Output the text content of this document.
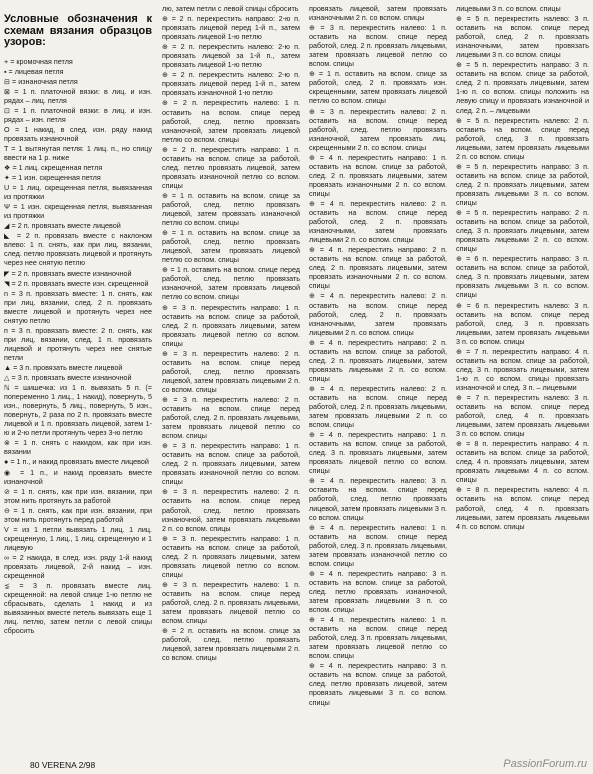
Условные обозначения к схемам вязания образцов узоров:
+ = кромочная петля
▪ = лицевая петля
⊟ = изнаночная петля
⊠ = 1 п. платочной вязки: в лиц. и изн. рядах – лиц. петля
⊡ = 1 п. платочной вязки: в лиц. и изн. рядах – изн. петля
O = 1 накид, в след. изн. ряду накид провязать изнаночной
T = 1 вытянутая петля: 1 лиц. п., но спицу ввести на 1 р. ниже
❖ = 1 лиц. скрещенная петля
✦ = 1 изн. скрещенная петля
U = 1 лиц. скрещенная петля, вывязанная из протяжки
Ψ = 1 изн. скрещенная петля, вывязанная из протяжки
◢ = 2 п. провязать вместе лицевой
◣ = 2 п. провязать вместе с наклоном влево: 1 п. снять, как при лиц. вязании, след. петлю провязать лицевой и протянуть через нее снятую петлю
◤ = 2 п. провязать вместе изнаночной
◥ = 2 п. провязать вместе изн. скрещенной
n = 3 п. провязать вместе: 1 п. снять, как при лиц. вязании, след. 2 п. провязать вместе лицевой и протянуть через нее снятую петлю
ᴨ = 3 п. провязать вместе: 2 п. снять, как при лиц. вязании, след. 1 п. провязать лицевой и протянуть через нее снятые петли
▲ = 3 п. провязать вместе лицевой
△ = 3 п. провязать вместе изнаночной
ℕ = шишечка: из 1 п. вывязать 5 п. (= попеременно 1 лиц., 1 накид), повернуть, 5 изн., повернуть, 5 лиц., повернуть, 5 изн., повернуть, 2 раза по 2 п. провязать вместе лицевой и 1 п. провязать лицевой, затем 1-ю и 2-ю петли протянуть через 3-ю петлю
⊗ = 1 п. снять с накидом, как при изн. вязании
● = 1 п., и накид провязать вместе лицевой
◉ = 1 п., и накид провязать вместе изнаночной
⊘ = 1 п. снять, как при изн. вязании, при этом нить протянуть за работой
⊖ = 1 п. снять, как при изн. вязании, при этом нить протянуть перед работой
V = из 1 петли вывязать 1 лиц. 1 лиц. скрещенную, 1 лиц., 1 лиц. скрещенную и 1 лицевую
∞ = 2 накида, в след. изн. ряду 1-й накид провязать лицевой, 2-й накид – изн. скрещенной
⋨ = 3 п. провязать вместе лиц. скрещенной: на левой спице 1-ю петлю не сбрасывать, сделать 1 накид и из вывязанных вместе петель вывязать еще 1 лиц. петлю, затем петли с левой спицы сбросить
лю, затем петли с левой спицы сбросить
⊕ = 2 п. перекрестить направо: 2-ю п. провязать лицевой перед 1-й п., затем провязать лицевой 1-ю петлю
⊕ = 2 п. перекрестить налево: 2-ю п. провязать лицевой за 1-й п., затем провязать лицевой 1-ю петлю
⊕ = 2 п. перекрестить налево: 2-ю п. провязать лицевой перед 1-й п., затем провязать изнаночной 1-ю петлю
⊕ = 2 п. перекрестить налево: 1 п. оставить на вспом. спице перед работой, след. петлю провязать изнаночной, затем провязать лицевой петлю со вспом. спицы
⊕ = 2 п. перекрестить направо: 1 п. оставить на вспом. спице за работой, след. петлю провязать лицевой, затем провязать изнаночной петлю со вспом. спицы
⊕ = 1 п. оставить на вспом. спице за работой, след. петлю провязать лицевой, затем провязать изнаночной петлю со вспом. спицы
⊕ = 1 п. оставить на вспом. спице за работой, след. петлю провязать лицевой, затем провязать лицевой петлю со вспом. спицы
⊕ = 1 п. оставить на вспом. спице перед работой, след. петлю провязать изнаночной, затем провязать лицевой петлю со вспом. спицы
⊕ = 3 п. перекрестить направо: 1 п. оставить на вспом. спице за работой, след. 2 п. провязать лицевыми, затем провязать лицевой петлю со вспом. спицы
⊕ = 3 п. перекрестить налево: 2 п. оставить на вспом. спице перед работой, след. петлю провязать лицевой, затем провязать лицевыми 2 п. со вспом. спицы
⊕ = 3 п. перекрестить налево: 2 п. оставить на вспом. спице перед работой, след. 2 п. провязать лицевыми, затем провязать лицевой петлю со вспом. спицы
⊕ = 3 п. перекрестить направо: 1 п. оставить на вспом. спице за работой, след. 2 п. провязать лицевыми, затем провязать изнаночной петлю со вспом. спицы
⊕ = 3 п. перекрестить налево: 2 п. оставить на вспом. спице перед работой, след. петлю провязать изнаночной, затем провязать лицевыми 2 п. со вспом. спицы
⊕ = 3 п. перекрестить направо: 1 п. оставить на вспом. спице за работой, след. 2 п. провязать лицевыми, затем провязать лицевой петлю со вспом. спицы
⊕ = 3 п. перекрестить налево: 1 п. оставить на вспом. спице перед работой, след. 2 п. провязать лицевыми, затем провязать лицевой петлю со вспом. спицы
⊕ = 2 п. оставить на вспом. спице за работой, след. петлю провязать лицевой, затем провязать лицевыми 2 п. со вспом. спицы
провязать лицевой, затем провязать изнаночными 2 п. со вспом. спицы
⊕ = 3 п. перекрестить налево: 1 п. оставить на вспом. спице перед работой, след. 2 п. провязать лицевыми, затем провязать лицевой петлю со вспом. спицы
⊕ = 1 п. оставить на вспом. спице за работой, след. 2 п. провязать изн. скрещенными, затем провязать лицевой петлю со вспом. спицы
⊕ = 3 п. перекрестить налево: 2 п. оставить на вспом. спице перед работой, след. петлю провязать изнаночной, затем провязать лиц. скрещенными 2 п. со вспом. спицы
⊕ = 4 п. перекрестить направо: 1 п. оставить на вспом. спице за работой, след. 2 п. провязать лицевыми, затем провязать изнаночными 2 п. со вспом. спицы
⊕ = 4 п. перекрестить налево: 2 п. оставить на вспом. спице перед работой, след. 2 п. провязать изнаночными, затем провязать лицевыми 2 п. со вспом. спицы
⊕ = 4 п. перекрестить направо: 2 п. оставить на вспом. спице за работой, след. 2 п. провязать лицевыми, затем провязать изнаночными 2 п. со вспом. спицы
⊕ = 4 п. перекрестить налево: 2 п. оставить на вспом. спице перед работой, след. 2 п. провязать изнаночными, затем провязать лицевыми 2 п. со вспом. спицы
⊕ = 4 п. перекрестить направо: 2 п. оставить на вспом. спице за работой, след. 2 п. провязать лицевыми, затем провязать лицевыми 2 п. со вспом. спицы
⊕ = 4 п. перекрестить налево: 2 п. оставить на вспом. спице перед работой, след. 2 п. провязать лицевыми, затем провязать лицевыми 2 п. со вспом. спицы
⊕ = 4 п. перекрестить направо: 1 п. оставить на вспом. спице за работой, след. 3 п. провязать лицевыми, затем провязать лицевой петлю со вспом. спицы
⊕ = 4 п. перекрестить налево: 3 п. оставить на вспом. спице перед работой, след. петлю провязать лицевой, затем провязать лицевыми 3 п. со вспом. спицы
⊕ = 4 п. перекрестить налево: 1 п. оставить на вспом. спице перед работой, след. 3 п. провязать лицевыми, затем провязать изнаночной петлю со вспом. спицы
⊕ = 4 п. перекрестить направо: 3 п. оставить на вспом. спице за работой, след. петлю провязать изнаночной, затем провязать лицевыми 3 п. со вспом. спицы
⊕ = 4 п. перекрестить налево: 1 п. оставить на вспом. спице перед работой, след. 3 п. провязать лицевыми, затем провязать лицевой петлю со вспом. спицы
⊕ = 4 п. перекрестить направо: 3 п. оставить на вспом. спице за работой, след. петлю провязать лицевой, затем провязать лицевыми 3 п. со вспом. спицы
лицевыми 3 п. со вспом. спицы
⊕ = 5 п. перекрестить налево: 3 п. оставить на вспом. спице перед работой, след. 2 п. провязать изнаночными, затем провязать лицевыми 3 п. со вспом. спицы
⊕ = 5 п. перекрестить направо: 3 п. оставить на вспом. спице за работой, след. 2 п. провязать лицевыми, затем 1-ю п. со вспом. спицы положить на левую спицу и провязать изнаночной и след. 2 п. – лицевыми
⊕ = 5 п. перекрестить налево: 2 п. оставить на вспом. спице перед работой, след. 3 п. провязать лицевыми, затем провязать лицевыми 2 п. со вспом. спицы
⊕ = 5 п. перекрестить направо: 3 п. оставить на вспом. спице за работой, след. 2 п. провязать лицевыми, затем провязать лицевыми 3 п. со вспом. спицы
⊕ = 5 п. перекрестить направо: 2 п. оставить на вспом. спице за работой, след. 3 п. провязать лицевыми, затем провязать лицевыми 2 п. со вспом. спицы
⊕ = 6 п. перекрестить направо: 3 п. оставить на вспом. спице за работой, след. 3 п. провязать лицевыми, затем провязать лицевыми 3 п. со вспом. спицы
⊕ = 6 п. перекрестить налево: 3 п. оставить на вспом. спице перед работой, след. 3 п. провязать лицевыми, затем провязать лицевыми 3 п. со вспом. спицы
⊕ = 7 п. перекрестить направо: 4 п. оставить на вспом. спице за работой, след. 3 п. провязать лицевыми, затем 1-ю п. со вспом. спицы провязать изнаночной и след. 3 п. – лицевыми
⊕ = 7 п. перекрестить налево: 3 п. оставить на вспом. спице перед работой, след. 4 п. провязать лицевыми, затем провязать лицевыми 3 п. со вспом. спицы
⊕ = 8 п. перекрестить направо: 4 п. оставить на вспом. спице за работой, след. 4 п. провязать лицевыми, затем провязать лицевыми 4 п. со вспом. спицы
⊕ = 8 п. перекрестить налево: 4 п. оставить на вспом. спице перед работой, след. 4 п. провязать лицевыми, затем провязать лицевыми 4 п. со вспом. спицы
80 VERENA 2/98	PassionForum.ru
